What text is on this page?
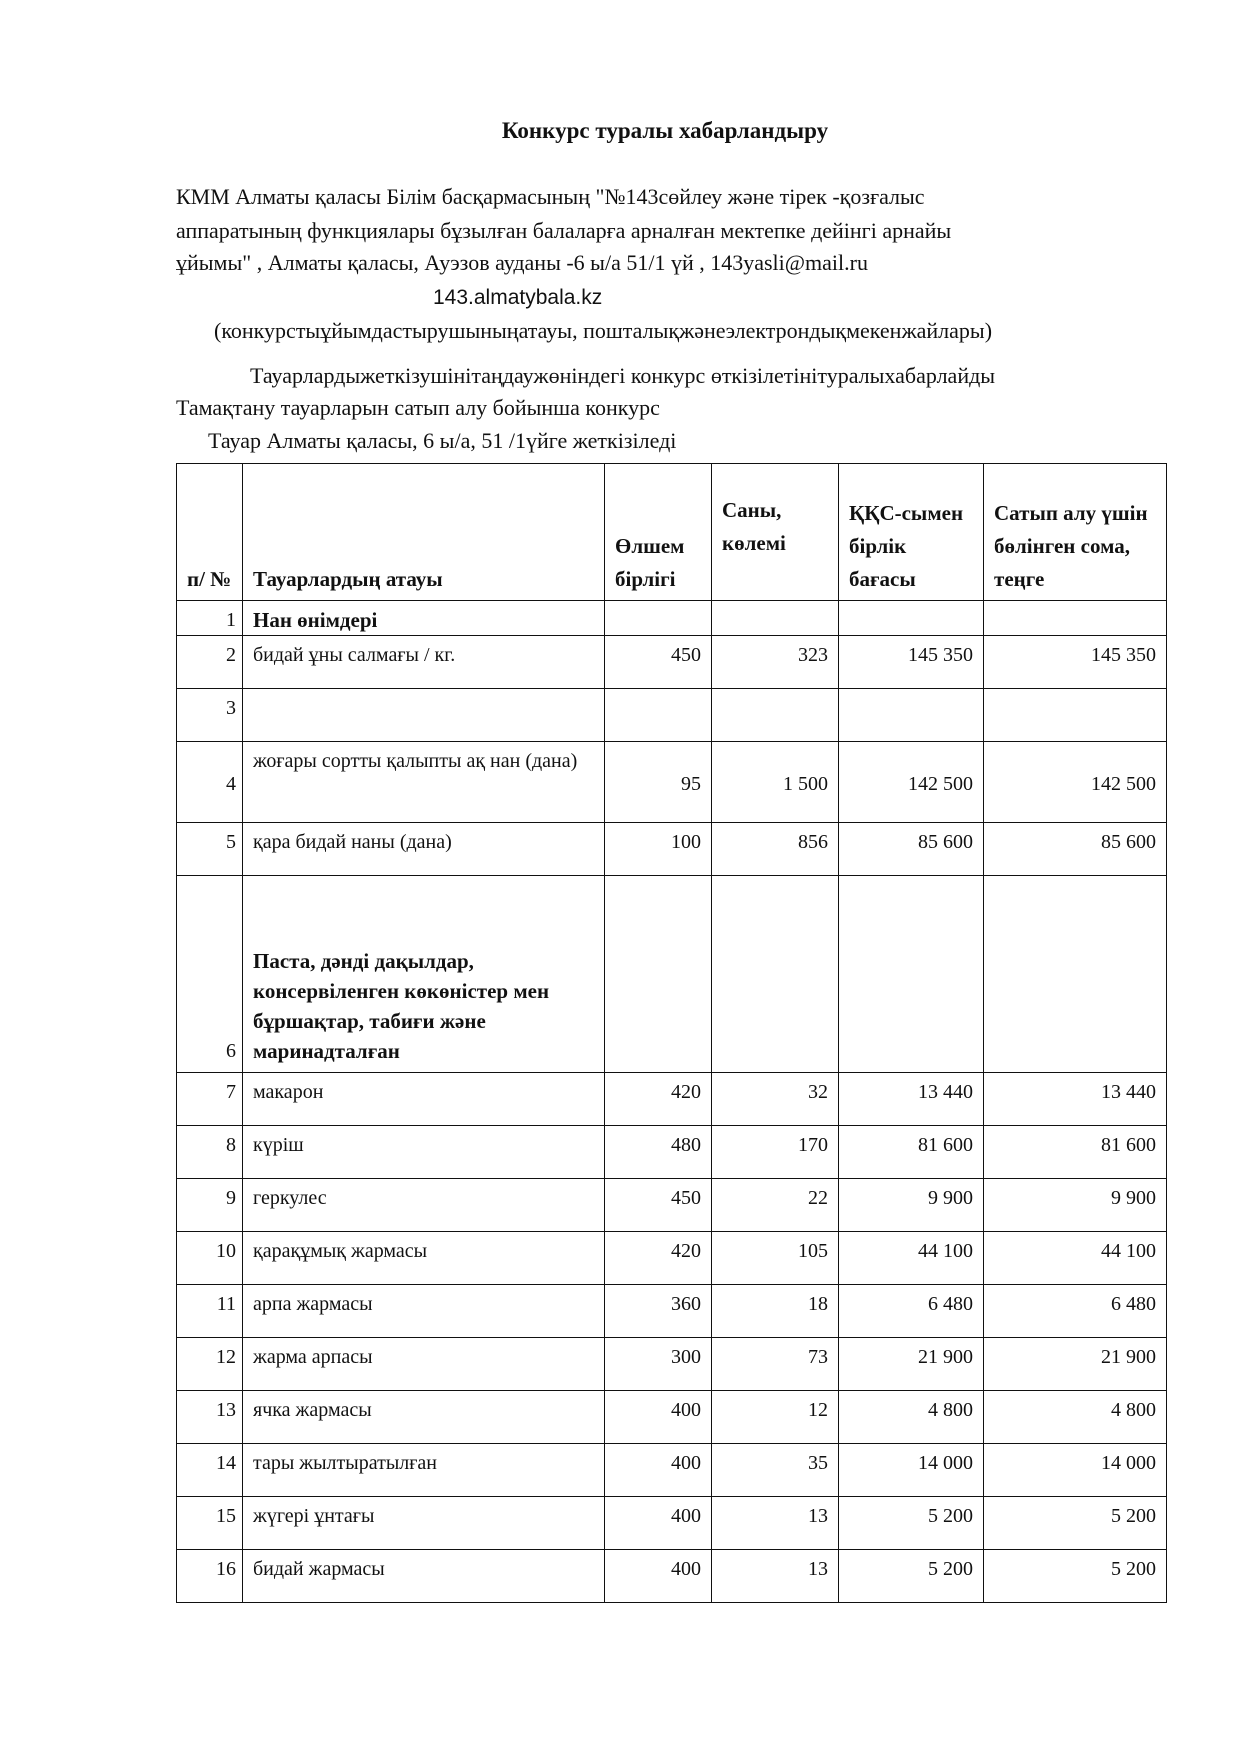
Конкурс туралы хабарландыру
КММ Алматы қаласы Білім басқармасының "№143сөйлеу және тірек -қозғалыс
аппаратының функциялары бұзылған балаларға арналған мектепке дейінгі арнайы
ұйымы" , Алматы қаласы, Ауэзов ауданы -6 ы/а 51/1 үй , 143yasli@mail.ru
143.almatybala.kz
(конкурстыұйымдастырушыныңатауы, пошталықжәнеэлектрондықмекенжайлары)
Тауарлардыжеткізушінітаңдаужөніндегі конкурс өткізілетінітуралыхабарлайды
Тамақтану тауарларын сатып алу бойынша конкурс
Тауар Алматы қаласы, 6 ы/а, 51 /1үйге жеткізіледі
п/ №	Тауарлардың атауы	Өлшем бірлігі	Саны, көлемі	ҚҚС-сымен бірлік бағасы	Сатып алу үшін бөлінген сома, теңге
1	Нан өнімдері				
2	бидай ұны салмағы / кг.	450	323	145 350	145 350
3					
4	жоғары сортты қалыпты ақ нан (дана)	95	1 500	142 500	142 500
5	қара бидай наны (дана)	100	856	85 600	85 600
6	Паста, дәнді дақылдар, консервіленген көкөністер мен бұршақтар, табиғи және маринадталған				
7	макарон	420	32	13 440	13 440
8	күріш	480	170	81 600	81 600
9	геркулес	450	22	9 900	9 900
10	қарақұмық жармасы	420	105	44 100	44 100
11	арпа жармасы	360	18	6 480	6 480
12	жарма арпасы	300	73	21 900	21 900
13	ячка жармасы	400	12	4 800	4 800
14	тары жылтыратылған	400	35	14 000	14 000
15	жүгері ұнтағы	400	13	5 200	5 200
16	бидай жармасы	400	13	5 200	5 200
